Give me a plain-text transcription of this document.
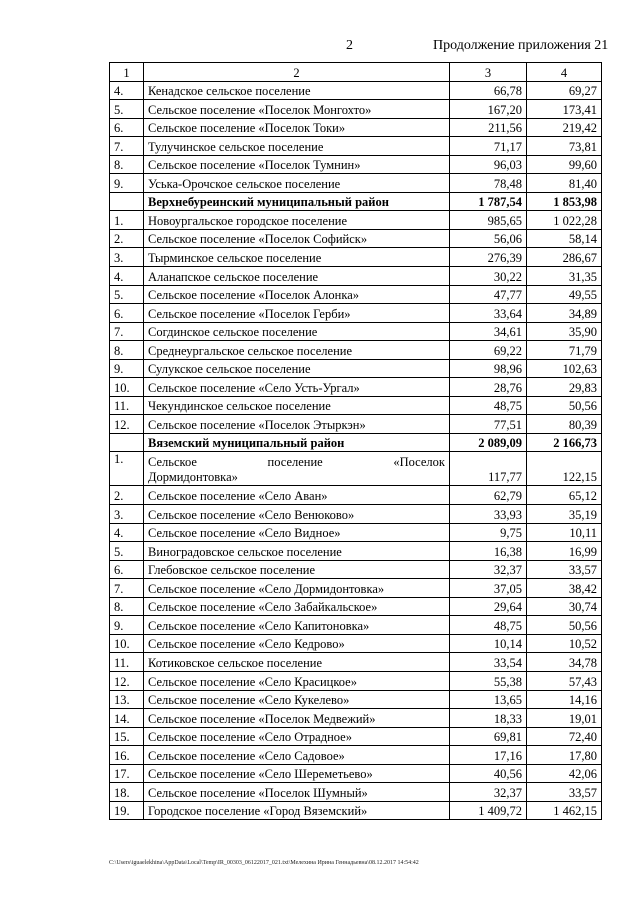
2	Продолжение приложения 21
1	2	3	4
4.	Кенадское сельское поселение	66,78	69,27
5.	Сельское поселение «Поселок Монгохто»	167,20	173,41
6.	Сельское поселение «Поселок Токи»	211,56	219,42
7.	Тулучинское сельское поселение	71,17	73,81
8.	Сельское поселение «Поселок Тумнин»	96,03	99,60
9.	Уська-Орочское сельское поселение	78,48	81,40
	Верхнебуреинский муниципальный район	1 787,54	1 853,98
1.	Новоургальское городское поселение	985,65	1 022,28
2.	Сельское поселение «Поселок Софийск»	56,06	58,14
3.	Тырминское сельское поселение	276,39	286,67
4.	Аланапское сельское поселение	30,22	31,35
5.	Сельское поселение «Поселок Алонка»	47,77	49,55
6.	Сельское поселение «Поселок Герби»	33,64	34,89
7.	Согдинское сельское поселение	34,61	35,90
8.	Среднеургальское сельское поселение	69,22	71,79
9.	Сулукское сельское поселение	98,96	102,63
10.	Сельское поселение «Село Усть-Ургал»	28,76	29,83
11.	Чекундинское сельское поселение	48,75	50,56
12.	Сельское поселение «Поселок Этыркэн»	77,51	80,39
	Вяземский муниципальный район	2 089,09	2 166,73
1.	Сельское поселение «Поселок
Дормидонтовка»	117,77	122,15
2.	Сельское поселение «Село Аван»	62,79	65,12
3.	Сельское поселение «Село Венюково»	33,93	35,19
4.	Сельское поселение «Село Видное»	9,75	10,11
5.	Виноградовское сельское поселение	16,38	16,99
6.	Глебовское сельское поселение	32,37	33,57
7.	Сельское поселение «Село Дормидонтовка»	37,05	38,42
8.	Сельское поселение «Село Забайкальское»	29,64	30,74
9.	Сельское поселение «Село Капитоновка»	48,75	50,56
10.	Сельское поселение «Село Кедрово»	10,14	10,52
11.	Котиковское сельское поселение	33,54	34,78
12.	Сельское поселение «Село Красицкое»	55,38	57,43
13.	Сельское поселение «Село Кукелево»	13,65	14,16
14.	Сельское поселение «Поселок Медвежий»	18,33	19,01
15.	Сельское поселение «Село Отрадное»	69,81	72,40
16.	Сельское поселение «Село Садовое»	17,16	17,80
17.	Сельское поселение «Село Шереметьево»	40,56	42,06
18.	Сельское поселение «Поселок Шумный»	32,37	33,57
19.	Городское поселение «Город Вяземский»	1 409,72	1 462,15
C:\Users\iguaelekhina\AppData\Local\Temp\IR_00303_06122017_021.txt\Мелехина Ирина Геннадьевна\08.12.2017 14:54:42
